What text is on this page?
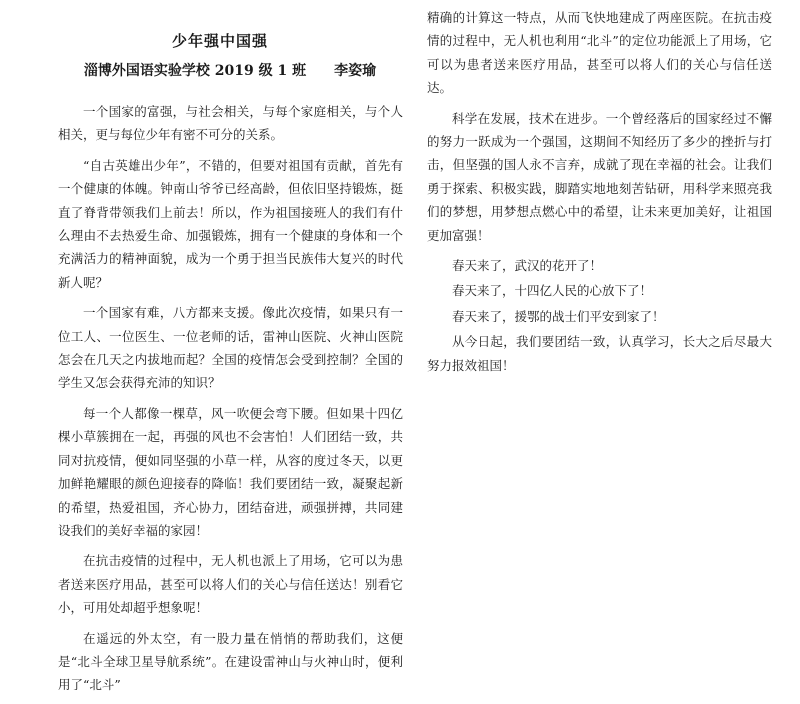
少年强中国强
淄博外国语实验学校 2019 级 1 班 李姿瑜

一个国家的富强，与社会相关，与每个家庭相关，与个人相关，更与每位少年有密不可分的关系。

“自古英雄出少年”，不错的，但要对祖国有贡献，首先有一个健康的体魄。钟南山爷爷已经高龄，但依旧坚持锻炼，挺直了脊背带领我们上前去！所以，作为祖国接班人的我们有什么理由不去热爱生命、加强锻炼，拥有一个健康的身体和一个充满活力的精神面貌，成为一个勇于担当民族伟大复兴的时代新人呢？

一个国家有难，八方都来支援。像此次疫情，如果只有一位工人、一位医生、一位老师的话，雷神山医院、火神山医院怎会在几天之内拔地而起？全国的疫情怎会受到控制？全国的学生又怎会获得充沛的知识？

每一个人都像一棵草，风一吹便会弯下腰。但如果十四亿棵小草簇拥在一起，再强的风也不会害怕！人们团结一致，共同对抗疫情，便如同坚强的小草一样，从容的度过冬天，以更加鲜艳耀眼的颜色迎接春的降临！我们要团结一致，凝聚起新的希望，热爱祖国，齐心协力，团结奋进，顽强拼搏，共同建设我们的美好幸福的家园！

在抗击疫情的过程中，无人机也派上了用场，它可以为患者送来医疗用品，甚至可以将人们的关心与信任送达！别看它小，可用处却超乎想象呢！

在遥远的外太空，有一股力量在悄悄的帮助我们，这便是“北斗全球卫星导航系统”。在建设雷神山与火神山时，便利用了“北斗”

精确的计算这一特点，从而飞快地建成了两座医院。在抗击疫情的过程中，无人机也利用“北斗”的定位功能派上了用场，它可以为患者送来医疗用品，甚至可以将人们的关心与信任送达。

科学在发展，技术在进步。一个曾经落后的国家经过不懈的努力一跃成为一个强国，这期间不知经历了多少的挫折与打击，但坚强的国人永不言弃，成就了现在幸福的社会。让我们勇于探索、积极实践，脚踏实地地刻苦钻研，用科学来照亮我们的梦想，用梦想点燃心中的希望，让未来更加美好，让祖国更加富强！

春天来了，武汉的花开了！

春天来了，十四亿人民的心放下了！

春天来了，援鄂的战士们平安到家了！

从今日起，我们要团结一致，认真学习，长大之后尽最大努力报效祖国！
